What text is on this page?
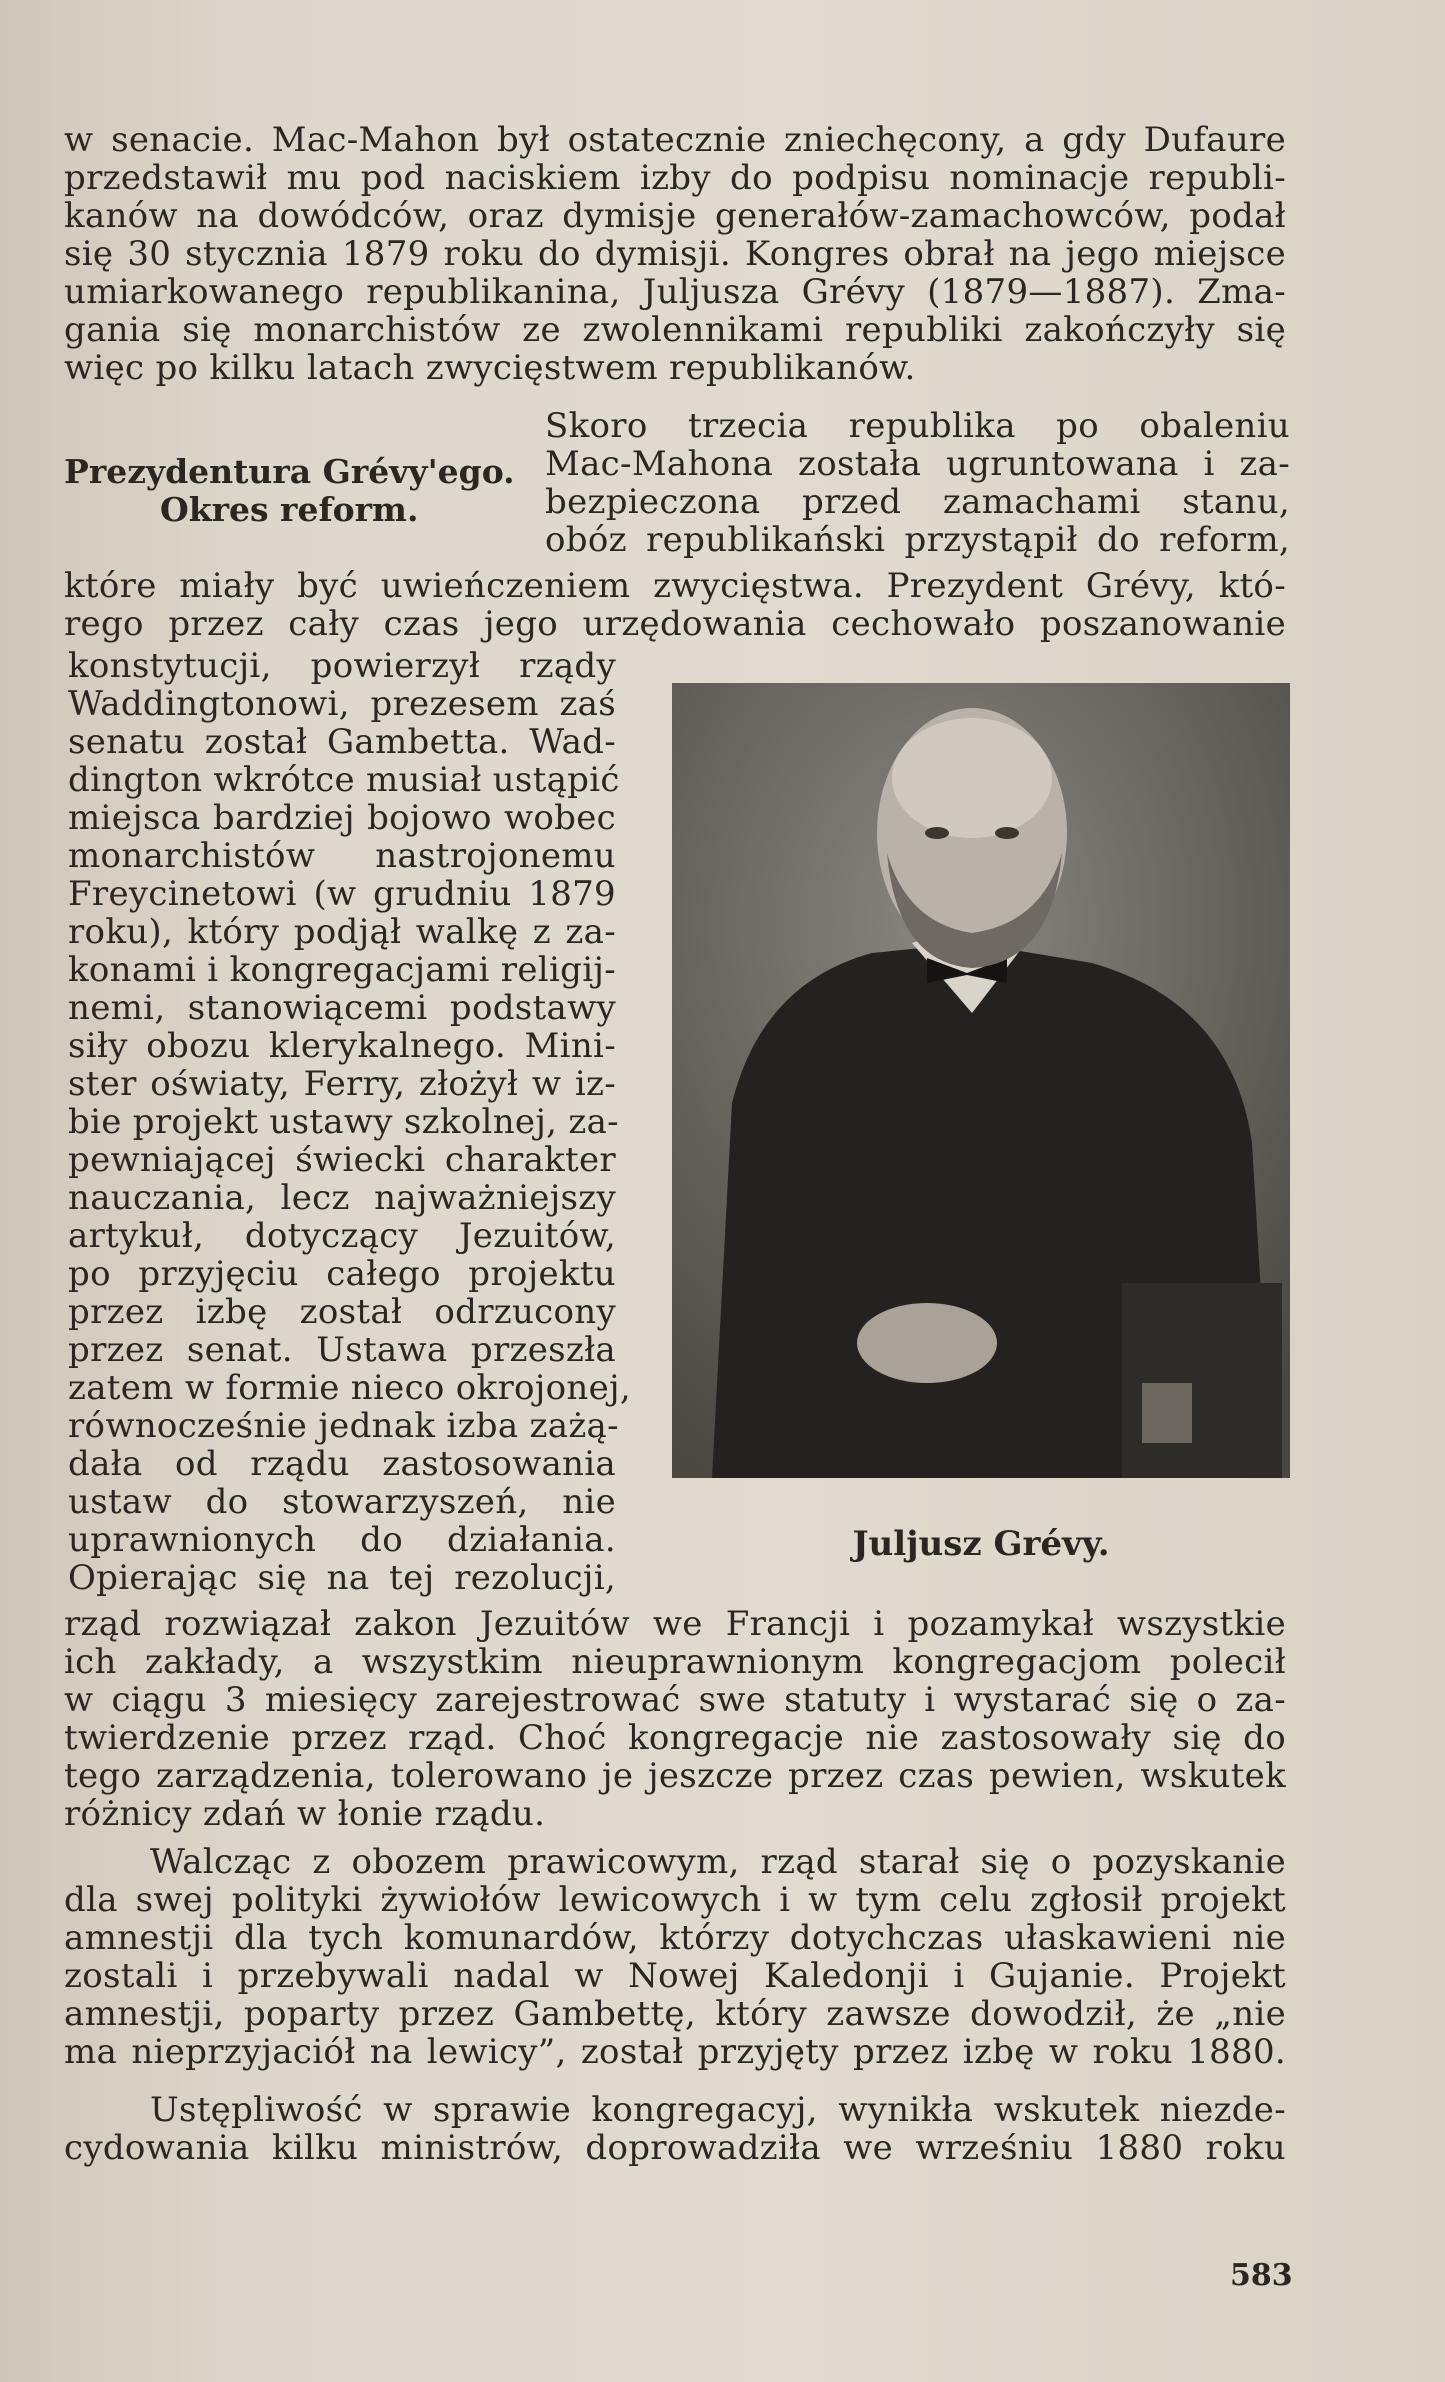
w senacie. Mac-Mahon był ostatecznie zniechęcony, a gdy Dufaure
przedstawił mu pod naciskiem izby do podpisu nominacje republi-
kanów na dowódców, oraz dymisje generałów-zamachowców, podał
się 30 stycznia 1879 roku do dymisji. Kongres obrał na jego miejsce
umiarkowanego republikanina, Juljusza Grévy (1879—1887). Zma-
gania się monarchistów ze zwolennikami republiki zakończyły się
więc po kilku latach zwycięstwem republikanów.
Prezydentura Grévy'ego.
Okres reform.
Skoro trzecia republika po obaleniu
Mac-Mahona została ugruntowana i za-
bezpieczona przed zamachami stanu,
obóz republikański przystąpił do reform,
które miały być uwieńczeniem zwycięstwa. Prezydent Grévy, któ-
rego przez cały czas jego urzędowania cechowało poszanowanie
konstytucji, powierzył rządy
Waddingtonowi, prezesem zaś
senatu został Gambetta. Wad-
dington wkrótce musiał ustąpić
miejsca bardziej bojowo wobec
monarchistów nastrojonemu
Freycinetowi (w grudniu 1879
roku), który podjął walkę z za-
konami i kongregacjami religij-
nemi, stanowiącemi podstawy
siły obozu klerykalnego. Mini-
ster oświaty, Ferry, złożył w iz-
bie projekt ustawy szkolnej, za-
pewniającej świecki charakter
nauczania, lecz najważniejszy
artykuł, dotyczący Jezuitów,
po przyjęciu całego projektu
przez izbę został odrzucony
przez senat. Ustawa przeszła
zatem w formie nieco okrojonej,
równocześnie jednak izba zażą-
dała od rządu zastosowania
ustaw do stowarzyszeń, nie
uprawnionych do działania.
Opierając się na tej rezolucji,
Juljusz Grévy.
rząd rozwiązał zakon Jezuitów we Francji i pozamykał wszystkie
ich zakłady, a wszystkim nieuprawnionym kongregacjom polecił
w ciągu 3 miesięcy zarejestrować swe statuty i wystarać się o za-
twierdzenie przez rząd. Choć kongregacje nie zastosowały się do
tego zarządzenia, tolerowano je jeszcze przez czas pewien, wskutek
różnicy zdań w łonie rządu.
Walcząc z obozem prawicowym, rząd starał się o pozyskanie
dla swej polityki żywiołów lewicowych i w tym celu zgłosił projekt
amnestji dla tych komunardów, którzy dotychczas ułaskawieni nie
zostali i przebywali nadal w Nowej Kaledonji i Gujanie. Projekt
amnestji, poparty przez Gambettę, który zawsze dowodził, że „nie
ma nieprzyjaciół na lewicy”, został przyjęty przez izbę w roku 1880.
Ustępliwość w sprawie kongregacyj, wynikła wskutek niezde-
cydowania kilku ministrów, doprowadziła we wrześniu 1880 roku
583
